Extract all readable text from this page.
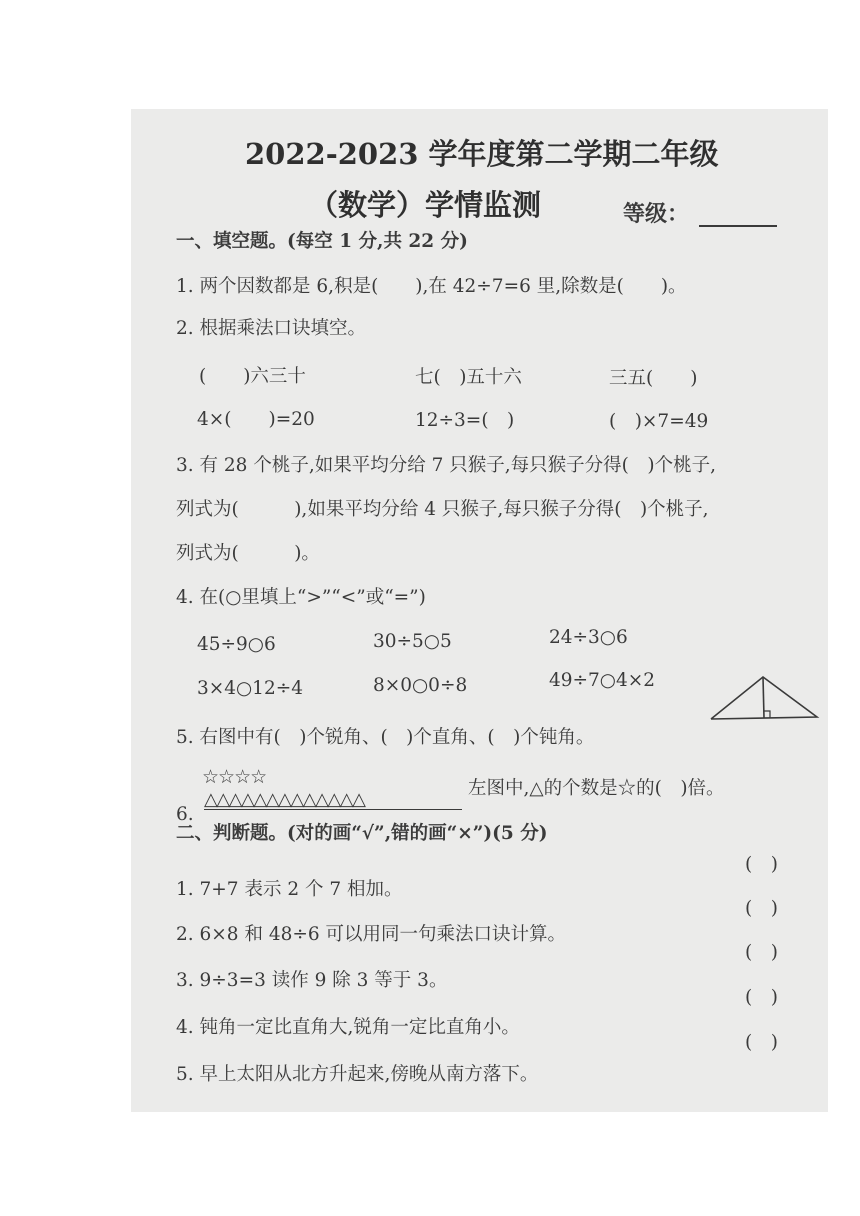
2022-2023 学年度第二学期二年级
（数学）学情监测	等级：
一、填空题。(每空 1 分,共 22 分)
1. 两个因数都是 6,积是(　　),在 42÷7=6 里,除数是(　　)。
2. 根据乘法口诀填空。
(　　)六三十	七(　)五十六	三五(　　)
4×(　　)=20	12÷3=(　)	(　)×7=49
3. 有 28 个桃子,如果平均分给 7 只猴子,每只猴子分得(　)个桃子,
列式为(　　　),如果平均分给 4 只猴子,每只猴子分得(　)个桃子,
列式为(　　　)。
4. 在(○里填上“>”“<”或“=”)
45÷9○6	30÷5○5	24÷3○6
3×4○12÷4	8×0○0÷8	49÷7○4×2
5. 右图中有(　)个锐角、(　)个直角、(　)个钝角。
☆☆☆☆
△△△△△△△△△△△△△
6.
左图中,△的个数是☆的(　)倍。
二、判断题。(对的画“√”,错的画“×”)(5 分)
1. 7+7 表示 2 个 7 相加。
2. 6×8 和 48÷6 可以用同一句乘法口诀计算。
3. 9÷3=3 读作 9 除 3 等于 3。
4. 钝角一定比直角大,锐角一定比直角小。
5. 早上太阳从北方升起来,傍晚从南方落下。
(　)
(　)
(　)
(　)
(　)
